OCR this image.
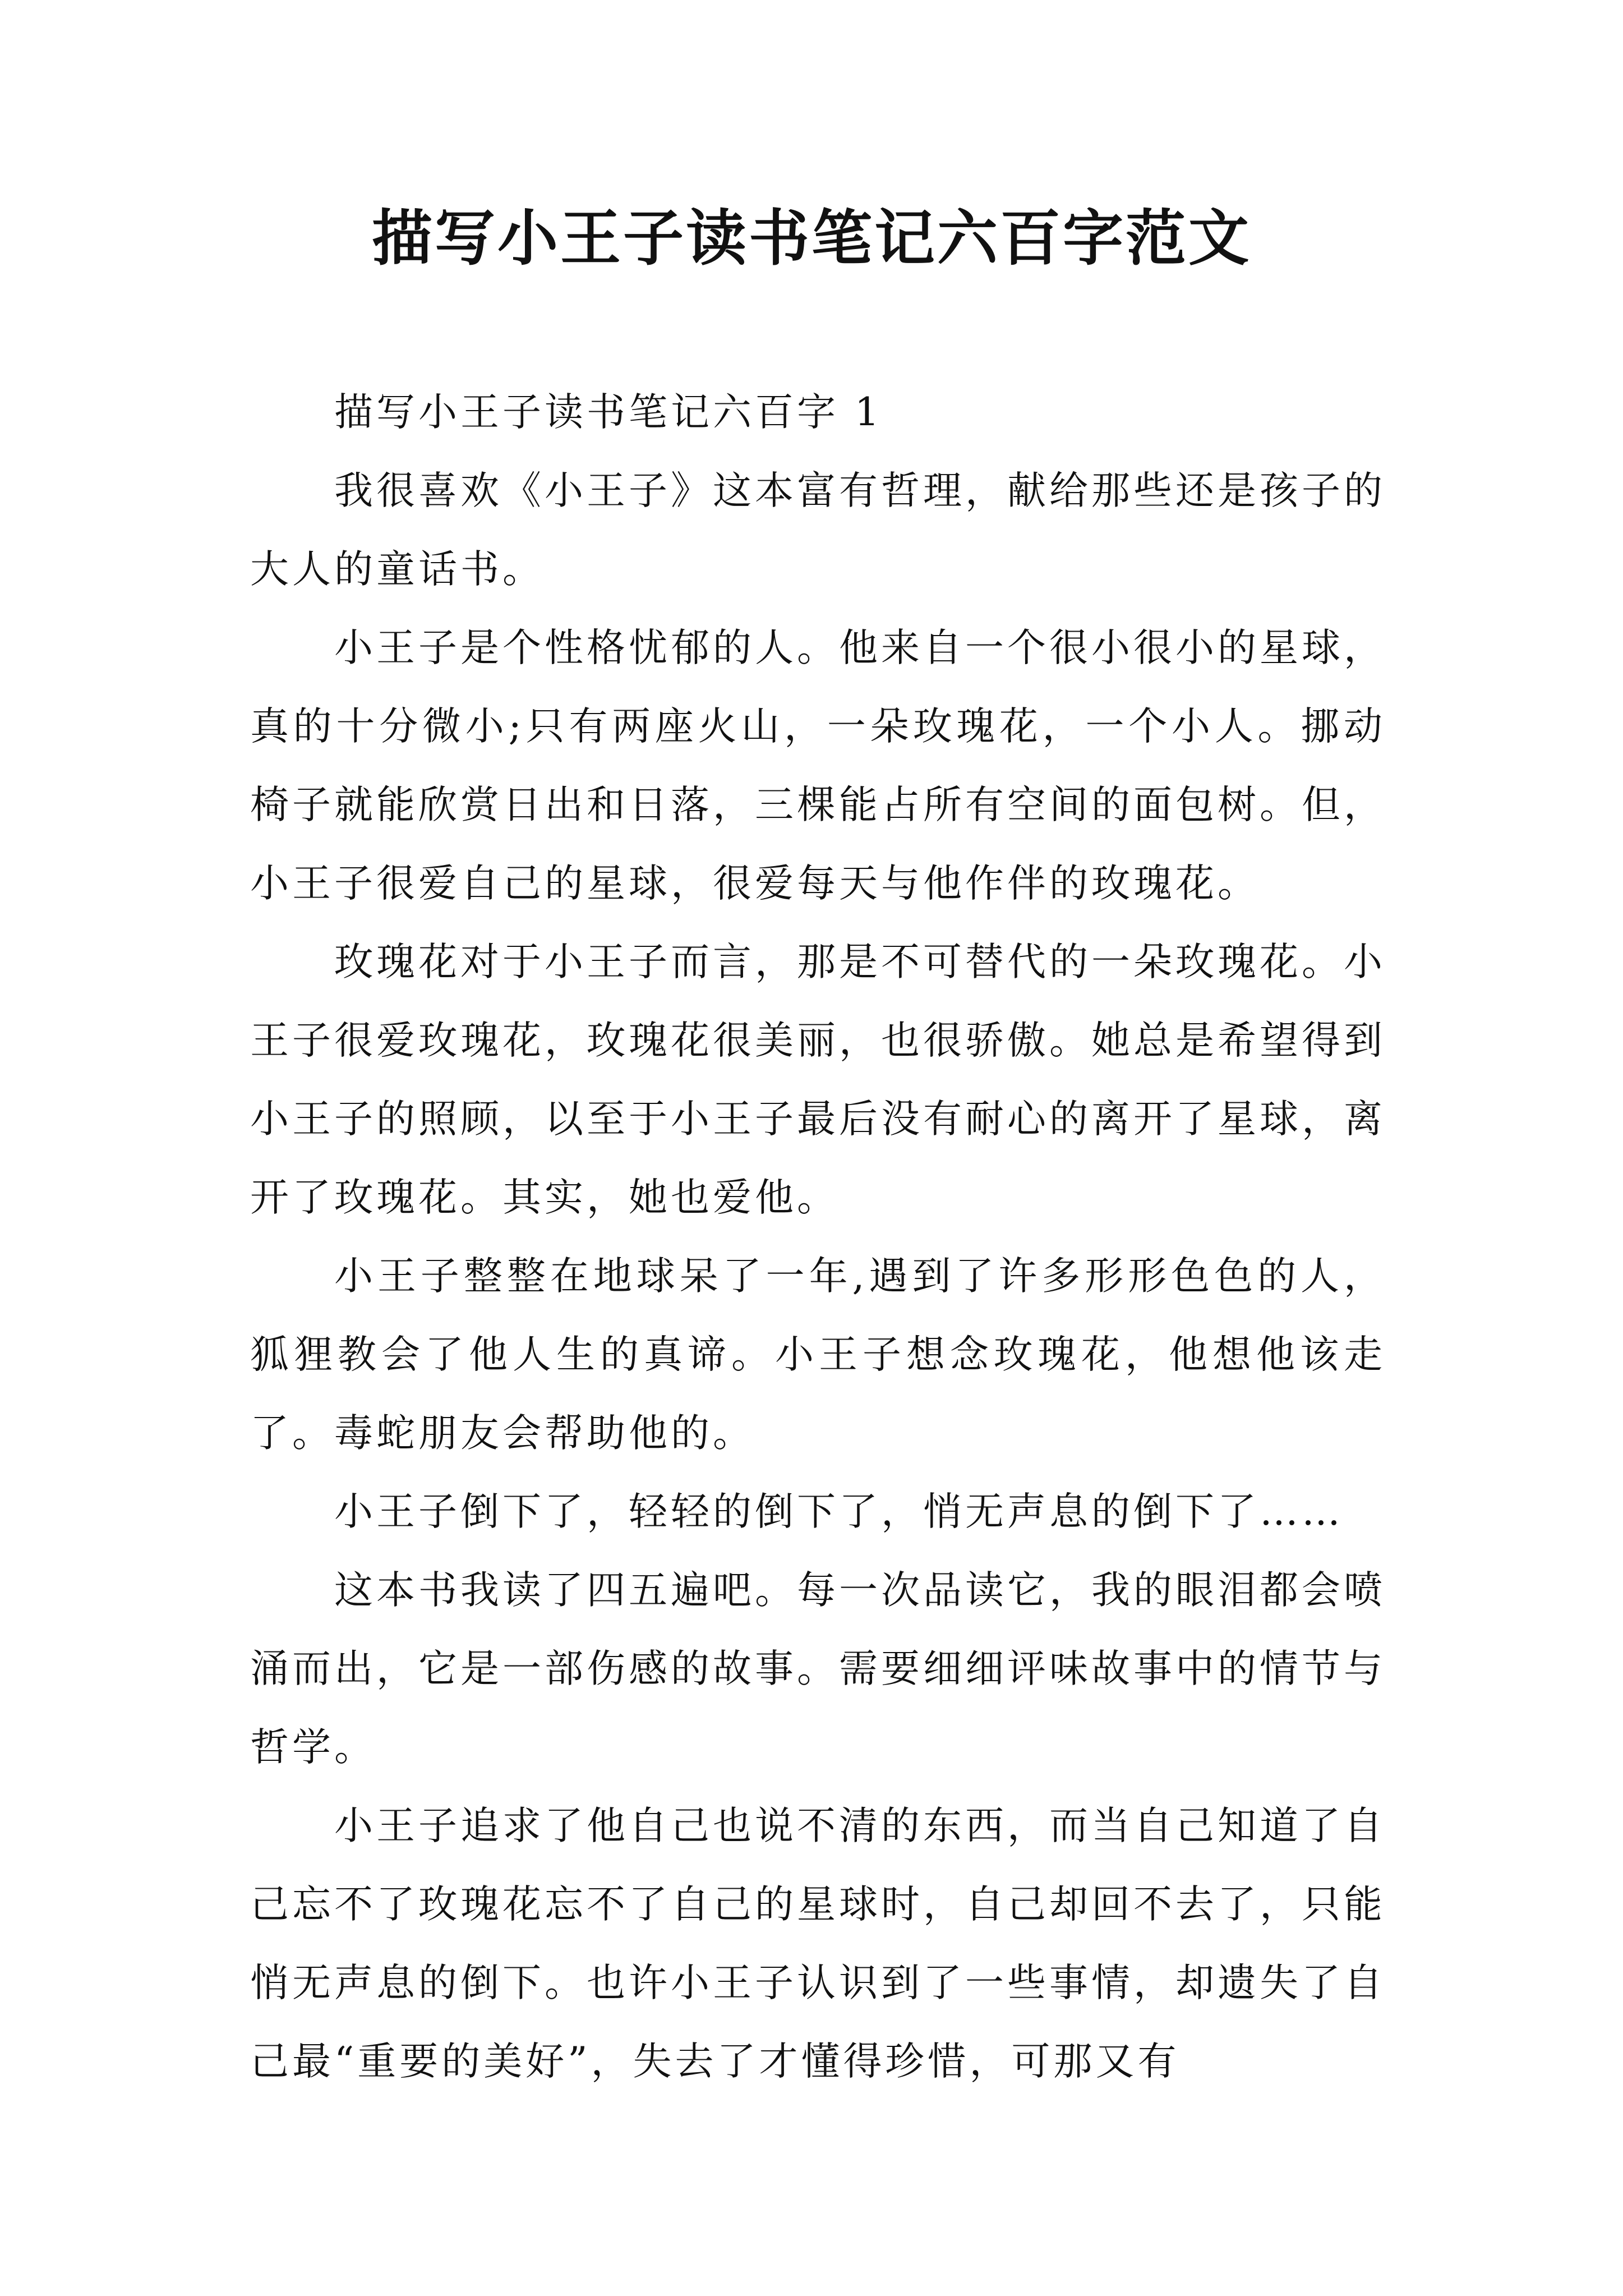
描写小王子读书笔记六百字范文

描写小王子读书笔记六百字 1

我很喜欢《小王子》这本富有哲理，献给那些还是孩子的大人的童话书。

小王子是个性格忧郁的人。他来自一个很小很小的星球，真的十分微小;只有两座火山，一朵玫瑰花，一个小人。挪动椅子就能欣赏日出和日落，三棵能占所有空间的面包树。但，小王子很爱自己的星球，很爱每天与他作伴的玫瑰花。

玫瑰花对于小王子而言，那是不可替代的一朵玫瑰花。小王子很爱玫瑰花，玫瑰花很美丽，也很骄傲。她总是希望得到小王子的照顾，以至于小王子最后没有耐心的离开了星球，离开了玫瑰花。其实，她也爱他。

小王子整整在地球呆了一年,遇到了许多形形色色的人，狐狸教会了他人生的真谛。小王子想念玫瑰花，他想他该走了。毒蛇朋友会帮助他的。

小王子倒下了，轻轻的倒下了，悄无声息的倒下了……

这本书我读了四五遍吧。每一次品读它，我的眼泪都会喷涌而出，它是一部伤感的故事。需要细细评味故事中的情节与哲学。

小王子追求了他自己也说不清的东西，而当自己知道了自己忘不了玫瑰花忘不了自己的星球时，自己却回不去了，只能悄无声息的倒下。也许小王子认识到了一些事情，却遗失了自己最“重要的美好”，失去了才懂得珍惜，可那又有
